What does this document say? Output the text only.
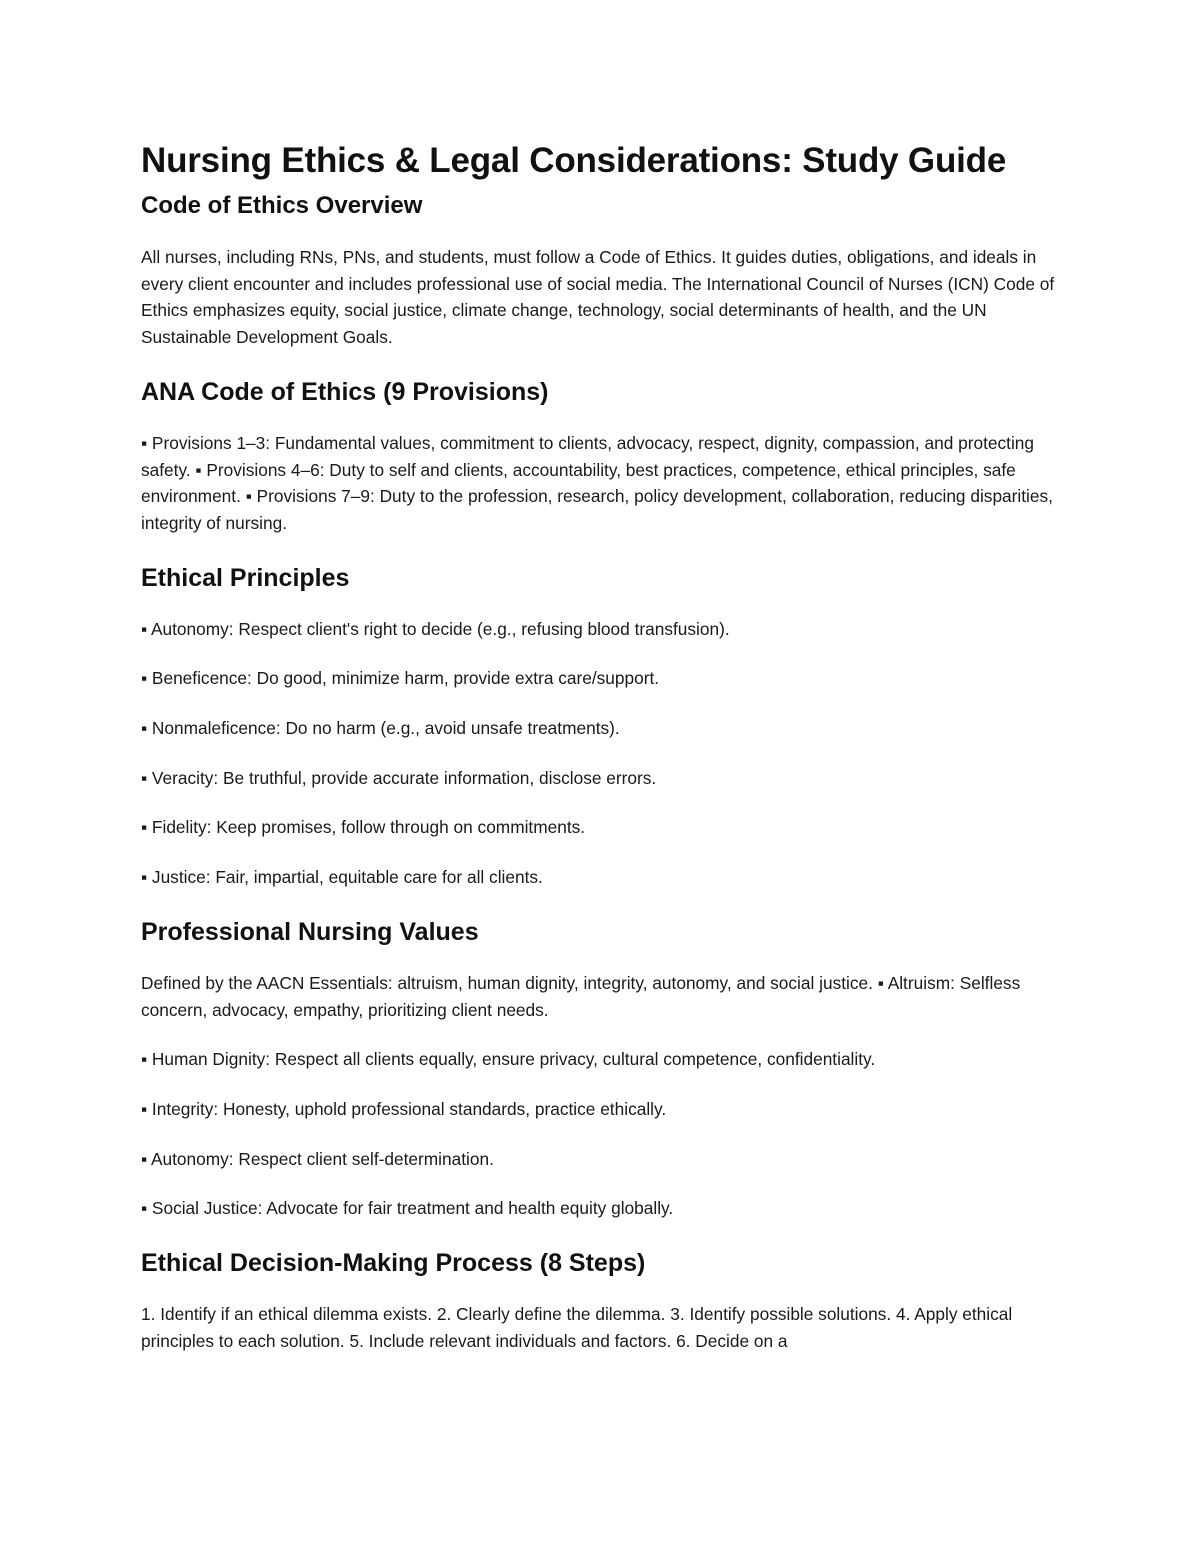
Nursing Ethics & Legal Considerations: Study Guide
Code of Ethics Overview

All nurses, including RNs, PNs, and students, must follow a Code of Ethics. It guides duties, obligations, and ideals in every client encounter and includes professional use of social media. The International Council of Nurses (ICN) Code of Ethics emphasizes equity, social justice, climate change, technology, social determinants of health, and the UN Sustainable Development Goals.

ANA Code of Ethics (9 Provisions)

▪ Provisions 1–3: Fundamental values, commitment to clients, advocacy, respect, dignity, compassion, and protecting safety. ▪ Provisions 4–6: Duty to self and clients, accountability, best practices, competence, ethical principles, safe environment. ▪ Provisions 7–9: Duty to the profession, research, policy development, collaboration, reducing disparities, integrity of nursing.

Ethical Principles

▪ Autonomy: Respect client's right to decide (e.g., refusing blood transfusion).

▪ Beneficence: Do good, minimize harm, provide extra care/support.

▪ Nonmaleficence: Do no harm (e.g., avoid unsafe treatments).

▪ Veracity: Be truthful, provide accurate information, disclose errors.

▪ Fidelity: Keep promises, follow through on commitments.

▪ Justice: Fair, impartial, equitable care for all clients.

Professional Nursing Values

Defined by the AACN Essentials: altruism, human dignity, integrity, autonomy, and social justice. ▪ Altruism: Selfless concern, advocacy, empathy, prioritizing client needs.

▪ Human Dignity: Respect all clients equally, ensure privacy, cultural competence, confidentiality.

▪ Integrity: Honesty, uphold professional standards, practice ethically.

▪ Autonomy: Respect client self-determination.

▪ Social Justice: Advocate for fair treatment and health equity globally.

Ethical Decision-Making Process (8 Steps)

1. Identify if an ethical dilemma exists. 2. Clearly define the dilemma. 3. Identify possible solutions. 4. Apply ethical principles to each solution. 5. Include relevant individuals and factors. 6. Decide on a
